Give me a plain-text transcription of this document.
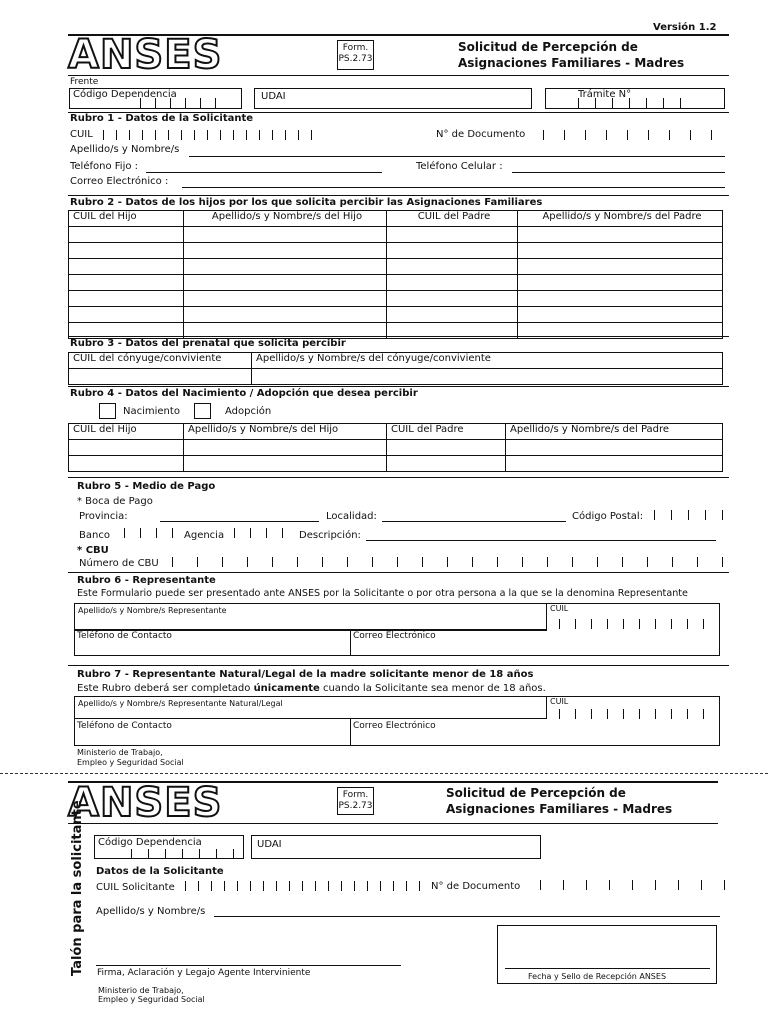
Versión 1.2
ANSES	Form.
PS.2.73
Solicitud de Percepción de
Asignaciones Familiares - Madres
Frente
Código Dependencia	UDAI	Trámite N°
Rubro 1 - Datos de la Solicitante
CUIL	N° de Documento
Apellido/s y Nombre/s
Teléfono Fijo :	Teléfono Celular :
Correo Electrónico :
Rubro 2 - Datos de los hijos por los que solicita percibir las Asignaciones Familiares
CUIL del Hijo	Apellido/s y Nombre/s del Hijo	CUIL del Padre	Apellido/s y Nombre/s del Padre

Rubro 3 - Datos del prenatal que solicita percibir
CUIL del cónyuge/conviviente	Apellido/s y Nombre/s del cónyuge/conviviente

Rubro 4 - Datos del Nacimiento / Adopción que desea percibir
Nacimiento	Adopción
CUIL del Hijo	Apellido/s y Nombre/s del Hijo	CUIL del Padre	Apellido/s y Nombre/s del Padre

Rubro 5 - Medio de Pago
* Boca de Pago
Provincia:	Localidad:	Código Postal:
Banco	Agencia	Descripción:
* CBU
Número de CBU
Rubro 6 - Representante
Este Formulario puede ser presentado ante ANSES por la Solicitante o por otra persona a la que se la denomina Representante
Apellido/s y Nombre/s Representante	CUIL
Teléfono de Contacto	Correo Electrónico
Rubro 7 - Representante Natural/Legal de la madre solicitante menor de 18 años
Este Rubro deberá ser completado únicamente cuando la Solicitante sea menor de 18 años.
Apellido/s y Nombre/s Representante Natural/Legal	CUIL
Teléfono de Contacto	Correo Electrónico
Ministerio de Trabajo,
Empleo y Seguridad Social
ANSES	Form.
PS.2.73
Solicitud de Percepción de
Asignaciones Familiares - Madres
Talón para la solicitante Código Dependencia	UDAI
Datos de la Solicitante
CUIL Solicitante	N° de Documento
Apellido/s y Nombre/s
Fecha y Sello de Recepción ANSES
Firma, Aclaración y Legajo Agente Interviniente
Ministerio de Trabajo,
Empleo y Seguridad Social
